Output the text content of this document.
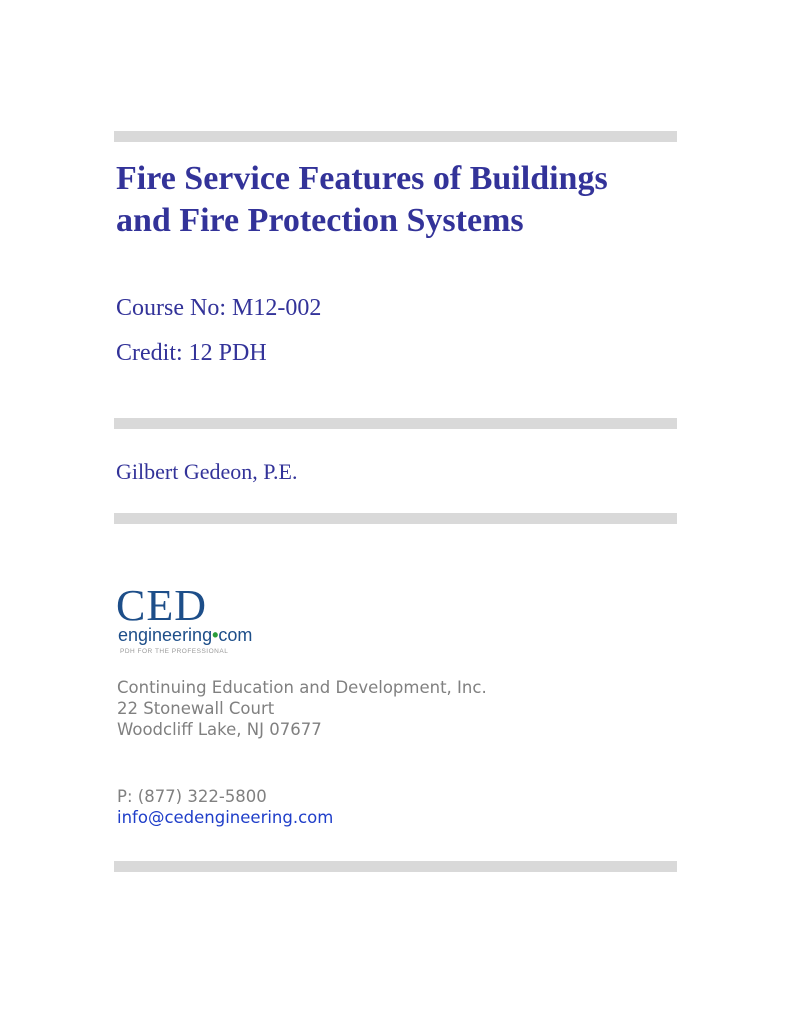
Fire Service Features of Buildings
and Fire Protection Systems
Course No: M12-002
Credit: 12 PDH
Gilbert Gedeon, P.E.
CED
engineering•com
PDH FOR THE PROFESSIONAL
Continuing Education and Development, Inc.
22 Stonewall Court
Woodcliff Lake, NJ 07677
P: (877) 322-5800
info@cedengineering.com
